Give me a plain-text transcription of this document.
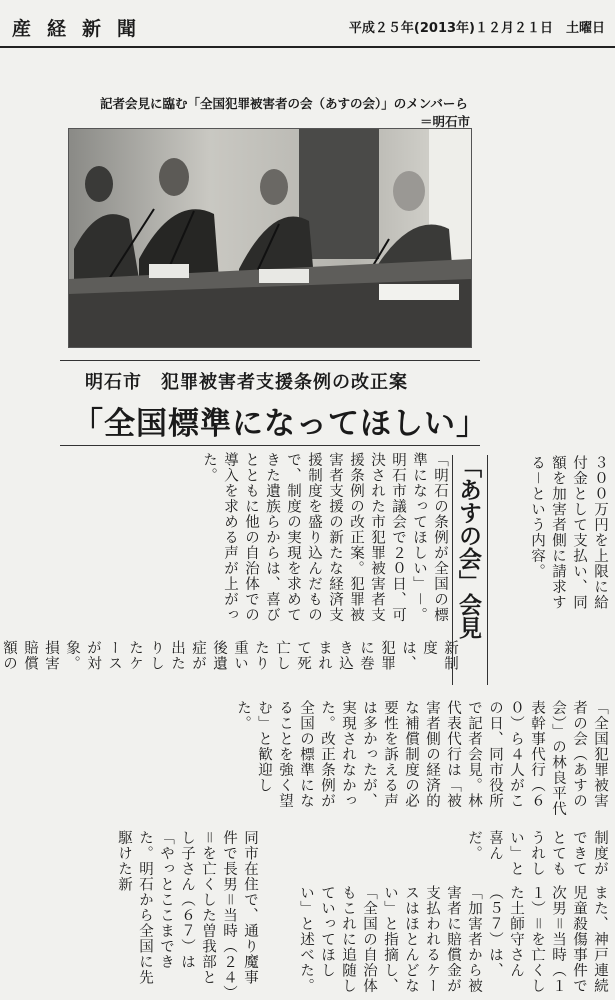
産経新聞	平成２５年(2013年)１２月２１日　土曜日
記者会見に臨む「全国犯罪被害者の会（あすの会）」のメンバーら
＝明石市
明石市　犯罪被害者支援条例の改正案
「全国標準になってほしい」
「あすの会」会見
「明石の条例が全国の標準になってほしい」－。明石市議会で２０日、可決された市犯罪被害者支援条例の改正案。犯罪被害者支援の新たな経済支援制度を盛り込んだもので、制度の実現を求めてきた遺族らからは、喜びとともに他の自治体での導入を求める声が上がった。
新制度は、犯罪に巻き込まれて死亡したり重い後遺症が出たりしたケースが対象。損害賠償額の
３００万円を上限に給付金として支払い、同額を加害者側に請求する－という内容。
「全国犯罪被害者の会（あすの会）」の林良平代表幹事代行（６０）ら４人がこの日、同市役所で記者会見。林代表代行は「被害者側の経済的な補償制度の必要性を訴える声は多かったが、実現されなかった。改正条例が全国の標準になることを強く望む」と歓迎した。
同市在住で、通り魔事件で長男＝当時（２４）＝を亡くした曽我部とし子さん（６７）は「やっとここまできた。明石から全国に先駆けた新	制度ができてとてもうれしい」と喜んだ。
また、神戸連続児童殺傷事件で次男＝当時（１１）＝を亡くした土師守さん（５７）は、「加害者から被害者に賠償金が支払われるケースはほとんどない」と指摘し、「全国の自治体もこれに追随していってほしい」と述べた。
